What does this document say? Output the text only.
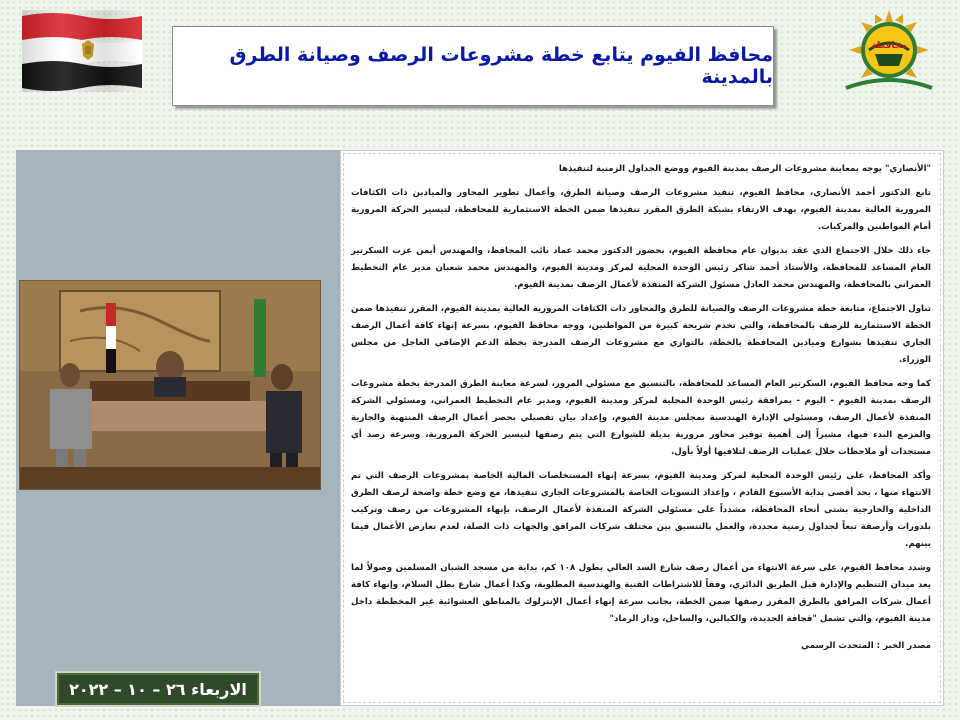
محافظة
محافظ الفيوم يتابع خطة مشروعات الرصف وصيانة الطرق بالمدينة
الاربعاء ٢٦ – ١٠ – ٢٠٢٢

"الأنصاري" يوجه بمعاينة مشروعات الرصف بمدينة الفيوم ووضع الجداول الزمنية لتنفيذها

تابع الدكتور أحمد الأنصاري، محافظ الفيوم، تنفيذ مشروعات الرصف وصيانة الطرق، وأعمال تطوير المحاور والميادين ذات الكثافات المرورية العالية بمدينة الفيوم، بهدف الارتقاء بشبكة الطرق المقرر تنفيذها ضمن الخطة الاستثمارية للمحافظة، لتيسير الحركة المرورية أمام المواطنين والمركبات.

جاء ذلك خلال الاجتماع الذي عقد بديوان عام محافظة الفيوم، بحضور الدكتور محمد عماد نائب المحافظ، والمهندس أيمن عزت السكرتير العام المساعد للمحافظة، والأستاذ أحمد شاكر رئيس الوحدة المحلية لمركز ومدينة الفيوم، والمهندس محمد شعبان مدير عام التخطيط العمراني بالمحافظة، والمهندس محمد العادل مسئول الشركة المنفذة لأعمال الرصف بمدينة الفيوم.

تناول الاجتماع، متابعة خطة مشروعات الرصف والصيانة للطرق والمحاور ذات الكثافات المرورية العالية بمدينة الفيوم، المقرر تنفيذها ضمن الخطة الاستثمارية للرصف بالمحافظة، والتي تخدم شريحة كبيرة من المواطنين، ووجه محافظ الفيوم، بسرعة إنهاء كافة أعمال الرصف الجاري تنفيذها بشوارع وميادين المحافظة بالخطة، بالتوازي مع مشروعات الرصف المدرجة بخطة الدعم الإضافي العاجل من مجلس الوزراء.

كما وجه محافظ الفيوم، السكرتير العام المساعد للمحافظة، بالتنسيق مع مسئولي المرور، لسرعة معاينة الطرق المدرجة بخطة مشروعات الرصف بمدينة الفيوم - اليوم - بمرافقة رئيس الوحدة المحلية لمركز ومدينة الفيوم، ومدير عام التخطيط العمراني، ومسئولي الشركة المنفذة لأعمال الرصف، ومسئولي الإدارة الهندسية بمجلس مدينة الفيوم، وإعداد بيان تفصيلي بحصر أعمال الرصف المنتهية والجارية والمزمع البدء فيها، مشيراً إلى أهمية توفير محاور مرورية بديلة للشوارع التي يتم رصفها لتيسير الحركة المرورية، وسرعة رصد أي مستجدات أو ملاحظات خلال عمليات الرصف لتلافيها أولاً بأول.

وأكد المحافظ، على رئيس الوحدة المحلية لمركز ومدينة الفيوم، بسرعة إنهاء المستخلصات المالية الخاصة بمشروعات الرصف التي تم الانتهاء منها ، بحد أقصى بداية الأسبوع القادم ، وإعداد التسويات الخاصة بالمشروعات الجاري تنفيذها، مع وضع خطة واضحة لرصف الطرق الداخلية والخارجية بشتى أنحاء المحافظة، مشدداً على مسئولي الشركة المنفذة لأعمال الرصف، بإنهاء المشروعات من رصف وتركيب بلدورات وأرصفة تبعاً لجداول زمنية محددة، والعمل بالتنسيق بين مختلف شركات المرافق والجهات ذات الصلة، لعدم تعارض الأعمال فيما بينهم.

وشدد محافظ الفيوم، على سرعة الانتهاء من أعمال رصف شارع السد العالي بطول ١٠٨ كم، بداية من مسجد الشبان المسلمين وصولاً لما بعد ميدان التنظيم والإدارة قبل الطريق الدائري، وفقاً للاشتراطات الفنية والهندسية المطلوبة، وكذا أعمال شارع بطل السلام، وإنهاء كافة أعمال شركات المرافق بالطرق المقرر رصفها ضمن الخطة، بجانب سرعة إنهاء أعمال الإنترلوك بالمناطق العشوائية غير المخططة داخل مدينة الفيوم، والتي تشمل "قحافة الجديدة، والكيالين، والساحل، ودار الرماد"

مصدر الخبر : المتحدث الرسمي
